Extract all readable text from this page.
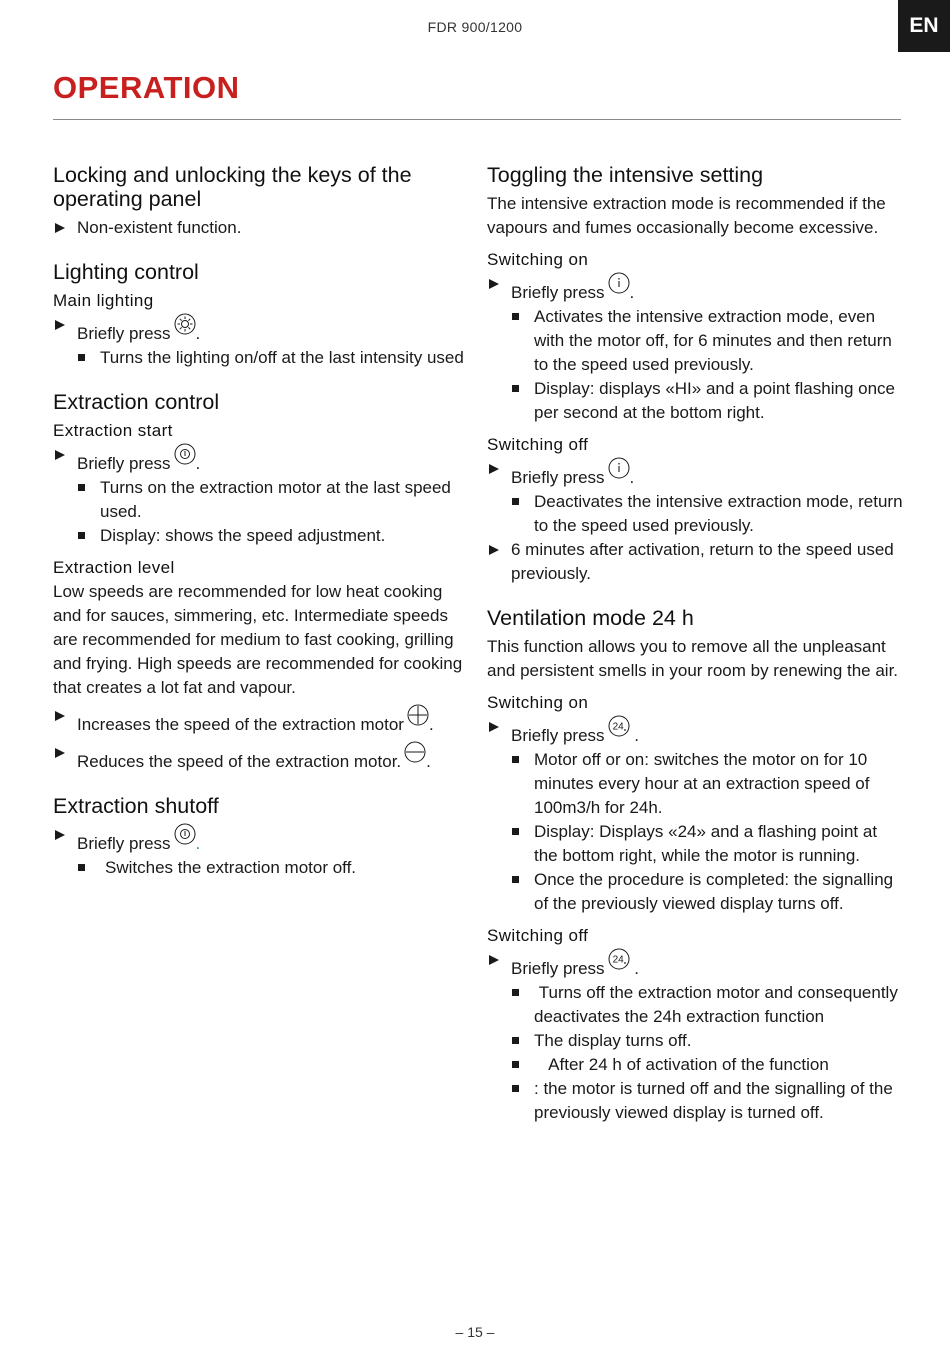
FDR 900/1200	EN
OPERATION
Locking and unlocking the keys of the operating panel

Non-existent function.

Lighting control
Main lighting

Briefly press .

Turns the lighting on/off at the last intensity used

Extraction control
Extraction start

Briefly press .

Turns on the extraction motor at the last speed used.

Display: shows the speed adjustment.

Extraction level

Low speeds are recommended for low heat cooking and for sauces, simmering, etc. Intermediate speeds are recommended for medium to fast cooking, grilling and frying. High speeds are recommended for cooking that creates a lot fat and vapour.

Increases the speed of the extraction motor .

Reduces the speed of the extraction motor. .

Extraction shutoff

Briefly press .

Switches the extraction motor off.

Toggling the intensive setting

The intensive extraction mode is recommended if the vapours and fumes occasionally become excessive.

Switching on

Briefly press .

Activates the intensive extraction mode, even with the motor off, for 6 minutes and then return to the speed used previously.

Display: displays «HI» and a point flashing once per second at the bottom right.

Switching off

Briefly press .

Deactivates the intensive extraction mode, return to the speed used previously.

6 minutes after activation, return to the speed used previously.

Ventilation mode 24 h

This function allows you to remove all the unpleasant and persistent smells in your room by renewing the air.

Switching on

Briefly press 24 .

Motor off or on: switches the motor on for 10 minutes every hour at an extraction speed of 100m3/h for 24h.

Display: Displays «24» and a flashing point at the bottom right, while the motor is running.

Once the procedure is completed: the signalling of the previously viewed display turns off.

Switching off

Briefly press 24 .

Turns off the extraction motor and consequently deactivates the 24h extraction function

The display turns off.

After 24 h of activation of the function

: the motor is turned off and the signalling of the previously viewed display is turned off.

– 15 –
